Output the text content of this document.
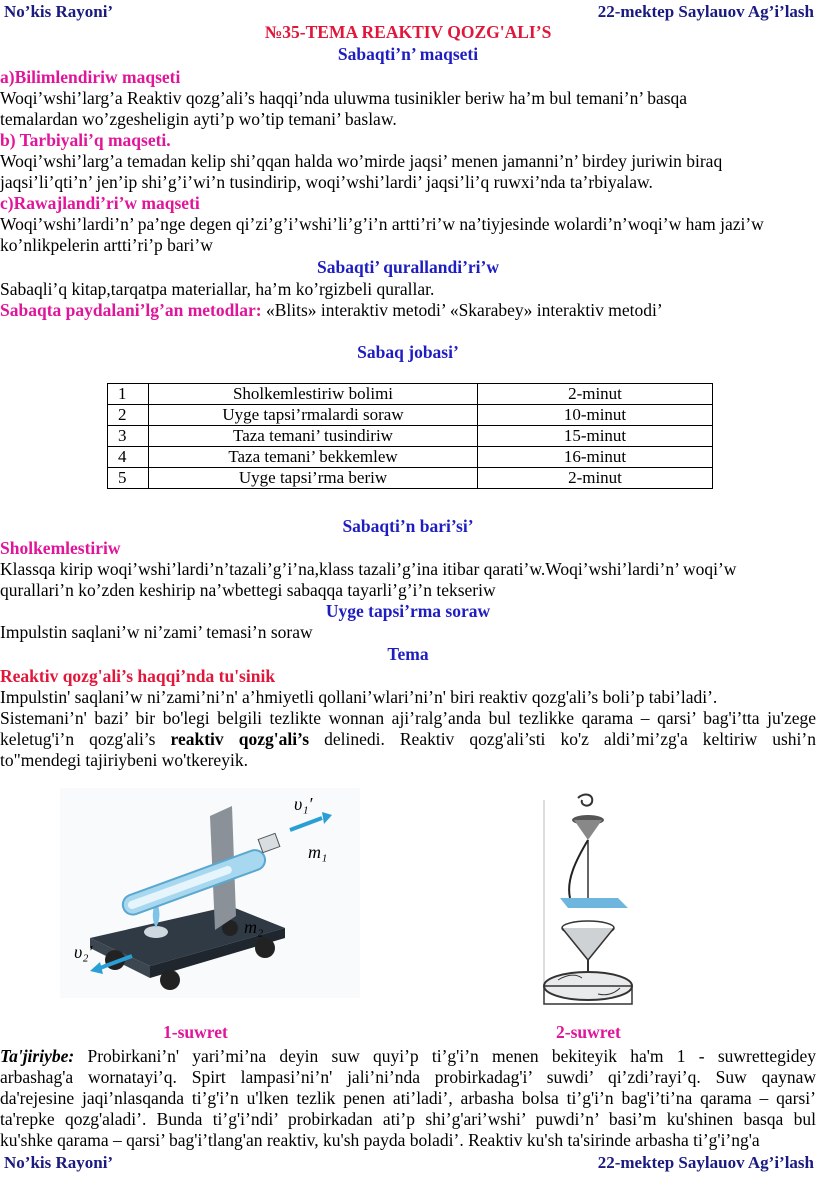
No’kis Rayoni’	22-mektep Saylauov Ag’i’lash
№35-TEMA REAKTIV QOZG'ALI’S
Sabaqti’n’ maqseti
a)Bilimlendiriw maqseti
Woqi’wshi’larg’a Reaktiv qozg’ali’s haqqi’nda uluwma tusinikler beriw ha’m bul temani’n’ basqa
temalardan wo’zgesheligin ayti’p wo’tip temani’ baslaw.
b) Tarbiyali’q maqseti.
Woqi’wshi’larg’a temadan kelip shi’qqan halda wo’mirde jaqsi’ menen jamanni’n’ birdey juriwin biraq
jaqsi’li’qti’n’ jen’ip shi’g’i’wi’n tusindirip, woqi’wshi’lardi’ jaqsi’li’q ruwxi’nda ta’rbiyalaw.
c)Rawajlandi’ri’w maqseti
Woqi’wshi’lardi’n’ pa’nge degen qi’zi’g’i’wshi’li’g’i’n artti’ri’w na’tiyjesinde wolardi’n’woqi’w ham jazi’w
ko’nlikpelerin artti’ri’p bari’w
Sabaqti’ qurallandi’ri’w
Sabaqli’q kitap,tarqatpa materiallar, ha’m ko’rgizbeli qurallar.
Sabaqta paydalani’lg’an metodlar: «Blits» interaktiv metodi’ «Skarabey» interaktiv metodi’
Sabaq jobasi’
1	Sholkemlestiriw bolimi	2-minut
2	Uyge tapsi’rmalardi soraw	10-minut
3	Taza temani’ tusindiriw	15-minut
4	Taza temani’ bekkemlew	16-minut
5	Uyge tapsi’rma beriw	2-minut
Sabaqti’n bari’si’
Sholkemlestiriw
Klassqa kirip woqi’wshi’lardi’n’tazali’g’i’na,klass tazali’g’ina itibar qarati’w.Woqi’wshi’lardi’n’ woqi’w
qurallari’n ko’zden keshirip na’wbettegi sabaqqa tayarli’g’i’n tekseriw
Uyge tapsi’rma soraw
Impulstin saqlani’w ni’zami’ temasi’n soraw
Tema
Reaktiv qozg'ali’s haqqi’nda tu'sinik
Impulstin' saqlani’w ni’zami’ni’n' a’hmiyetli qollani’wlari’ni’n' biri reaktiv qozg'ali’s boli’p tabi’ladi’.
Sistemani’n' bazi’ bir bo'legi belgili tezlikte wonnan aji’ralg’anda bul tezlikke qarama – qarsi’ bag'i’tta ju'zege
keletug'i’n qozg'ali’s reaktiv qozg'ali’s delinedi. Reaktiv qozg'ali’sti ko'z aldi’mi’zg'a keltiriw ushi’n
to"mendegi tajiriybeni wo'tkereyik.
υ₁′
m₁
m₂
υ₂′
1-suwret	2-suwret
Ta'jiriybe: Probirkani’n' yari’mi’na deyin suw quyi’p ti’g'i’n menen bekiteyik ha'm 1 - suwrettegidey
arbashag'a wornatayi’q. Spirt lampasi’ni’n' jali’ni’nda probirkadag'i’ suwdi’ qi’zdi’rayi’q. Suw qaynaw
da'rejesine jaqi’nlasqanda ti’g'i’n u'lken tezlik penen ati’ladi’, arbasha bolsa ti’g'i’n bag'i’ti’na qarama – qarsi’
ta'repke qozg'aladi’. Bunda ti’g'i’ndi’ probirkadan ati’p shi’g'ari’wshi’ puwdi’n’ basi’m ku'shinen basqa bul
ku'shke qarama – qarsi’ bag'i’tlang'an reaktiv, ku'sh payda boladi’. Reaktiv ku'sh ta'sirinde arbasha ti’g'i’ng'a
No’kis Rayoni’	22-mektep Saylauov Ag’i’lash
